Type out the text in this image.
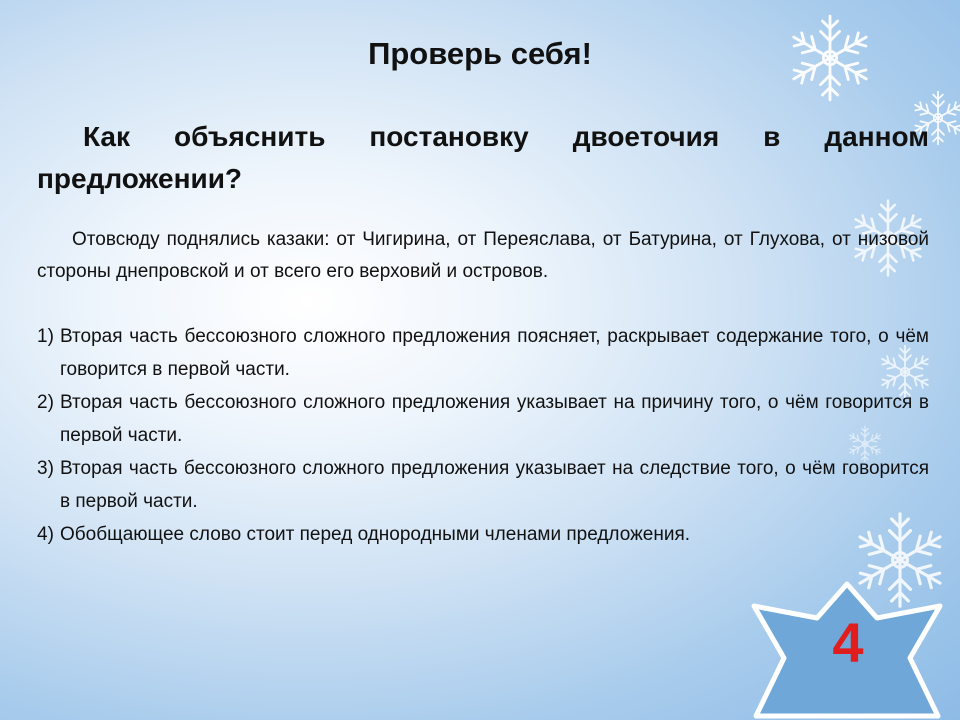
Проверь себя!

Как объяснить постановку двоеточия в данном предложении?

Отовсюду поднялись казаки: от Чигирина, от Переяслава, от Батурина, от Глухова, от низовой стороны днепровской и от всего его верховий и островов.

1) Вторая часть бессоюзного сложного предложения поясняет, раскрывает содержание того, о чём говорится в первой части.
2) Вторая часть бессоюзного сложного предложения указывает на причину того, о чём говорится в первой части.
3) Вторая часть бессоюзного сложного предложения указывает на следствие того, о чём говорится в первой части.
4) Обобщающее слово стоит перед однородными членами предложения.
4
